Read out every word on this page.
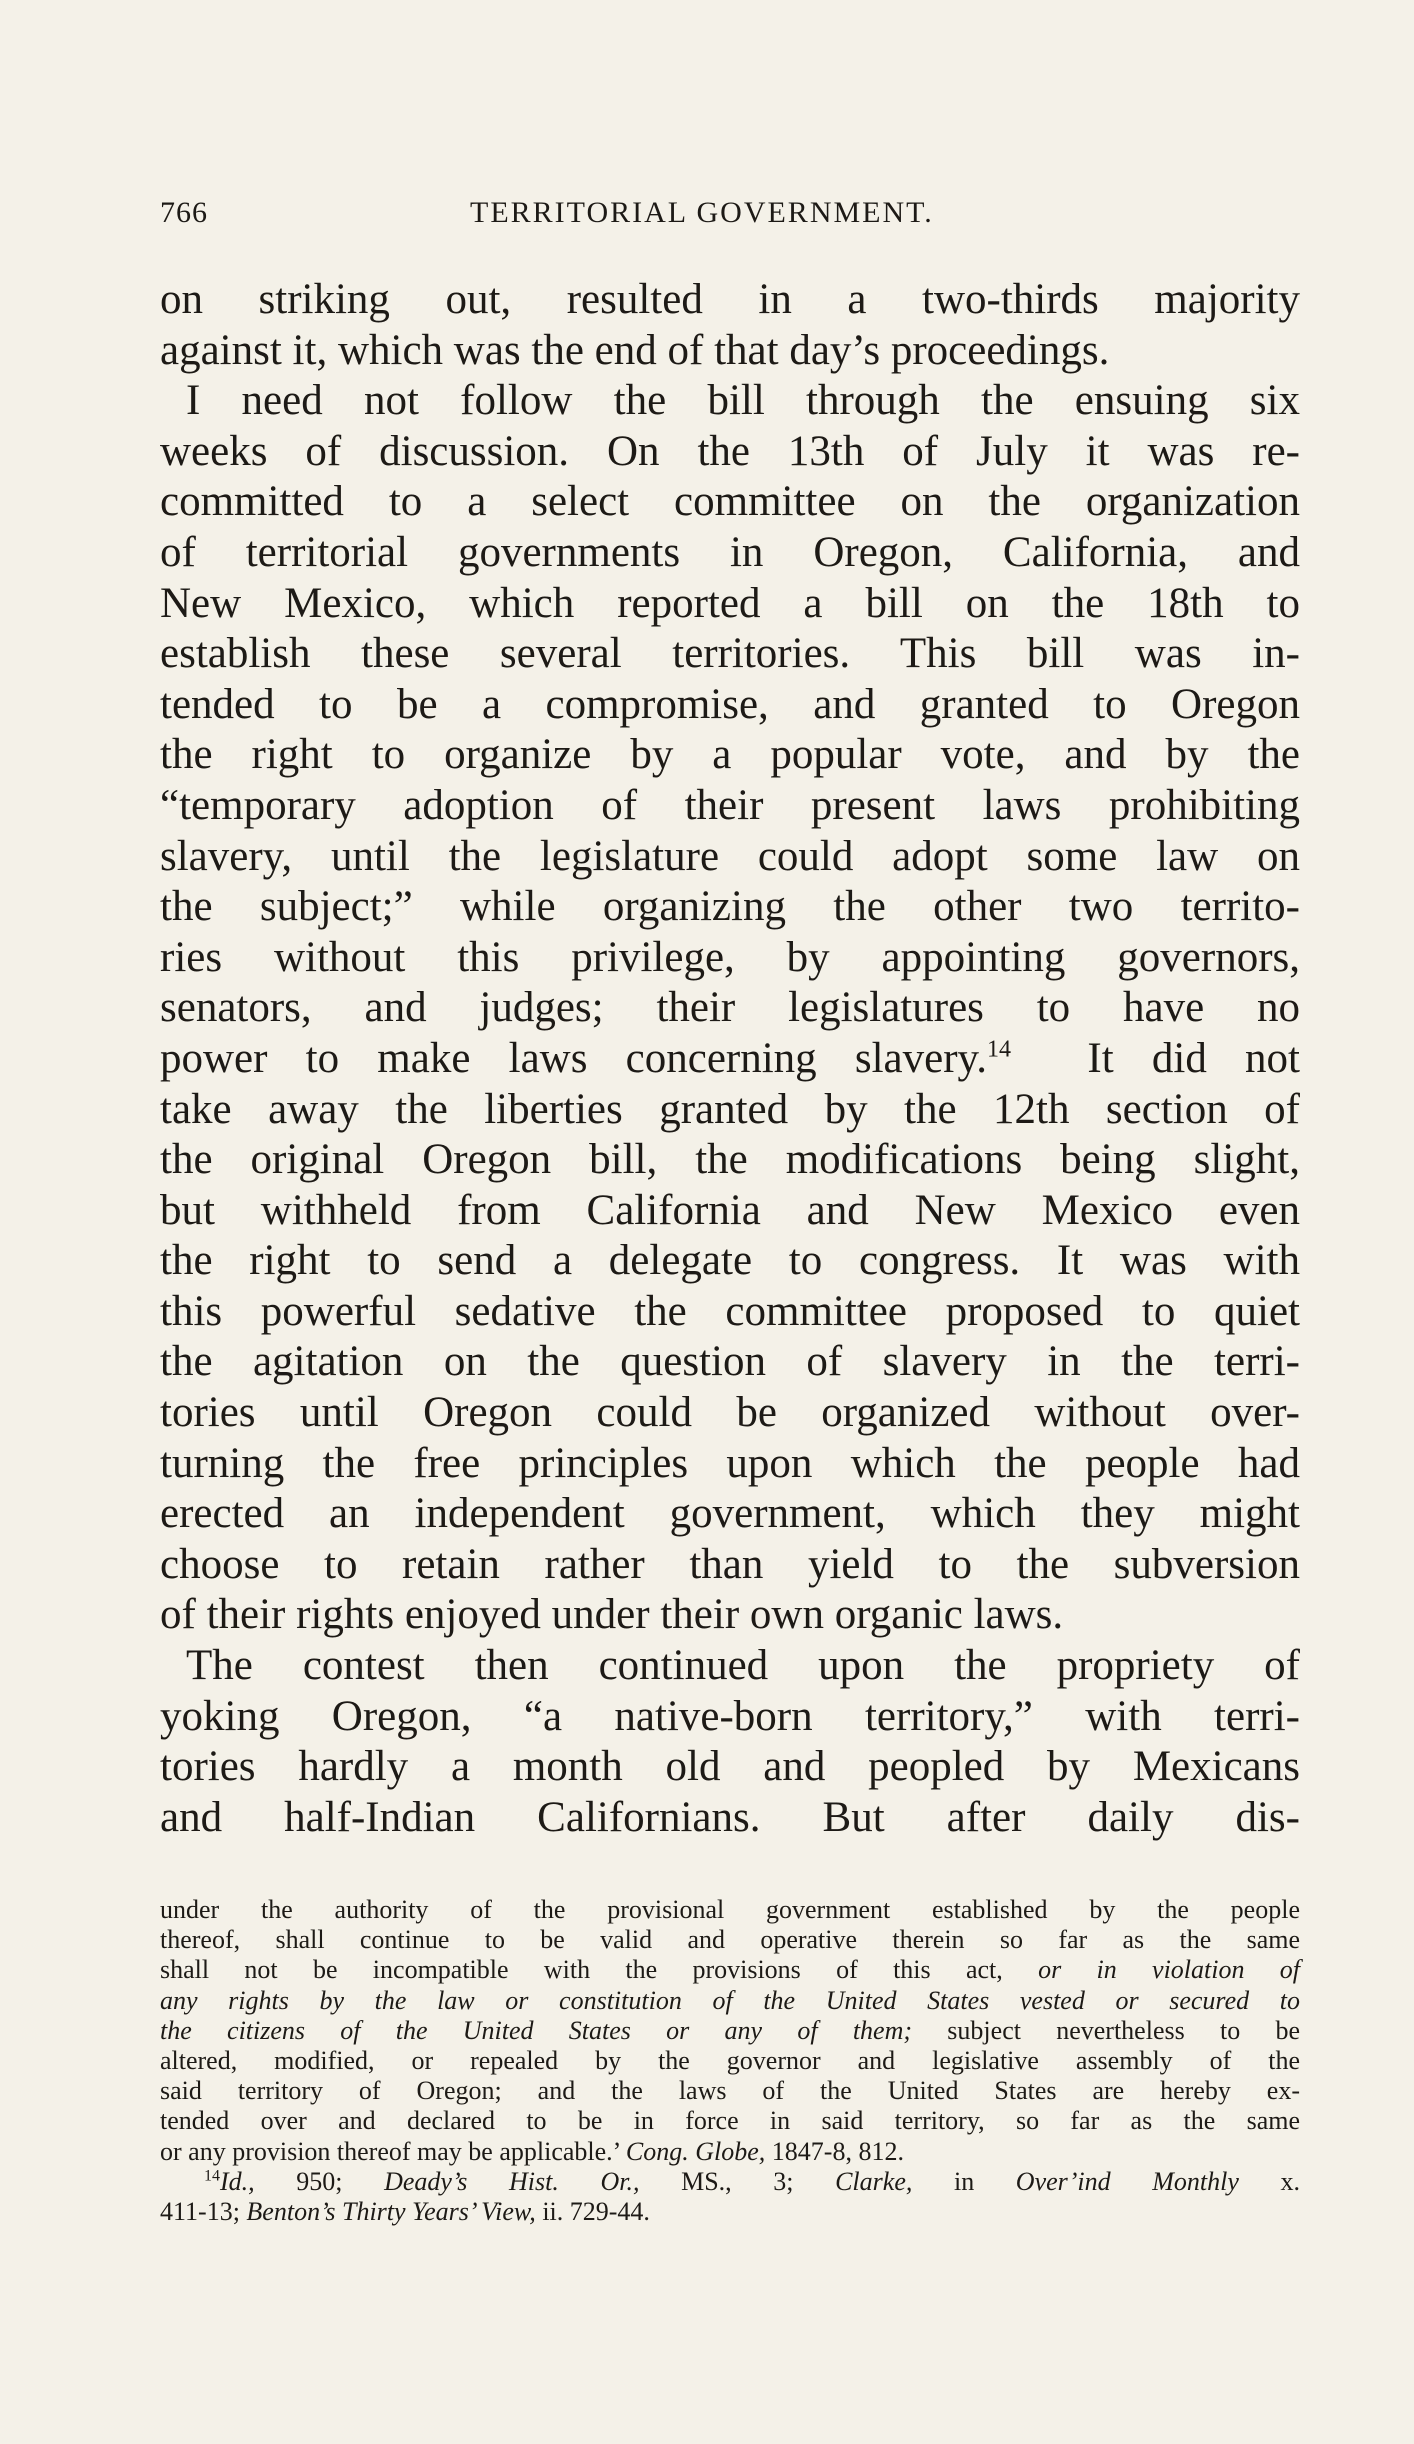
766	TERRITORIAL GOVERNMENT.
on striking out, resulted in a two-thirds majority
against it, which was the end of that day’s proceedings.
I need not follow the bill through the ensuing six
weeks of discussion. On the 13th of July it was re-
committed to a select committee on the organization
of territorial governments in Oregon, California, and
New Mexico, which reported a bill on the 18th to
establish these several territories. This bill was in-
tended to be a compromise, and granted to Oregon
the right to organize by a popular vote, and by the
“temporary adoption of their present laws prohibiting
slavery, until the legislature could adopt some law on
the subject;” while organizing the other two territo-
ries without this privilege, by appointing governors,
senators, and judges; their legislatures to have no
power to make laws concerning slavery.$^{14}$ It did not
take away the liberties granted by the 12th section of
the original Oregon bill, the modifications being slight,
but withheld from California and New Mexico even
the right to send a delegate to congress. It was with
this powerful sedative the committee proposed to quiet
the agitation on the question of slavery in the terri-
tories until Oregon could be organized without over-
turning the free principles upon which the people had
erected an independent government, which they might
choose to retain rather than yield to the subversion
of their rights enjoyed under their own organic laws.
The contest then continued upon the propriety of
yoking Oregon, “a native-born territory,” with terri-
tories hardly a month old and peopled by Mexicans
and half-Indian Californians. But after daily dis-
under the authority of the provisional government established by the people
thereof, shall continue to be valid and operative therein so far as the same
shall not be incompatible with the provisions of this act, or in violation of
any rights by the law or constitution of the United States vested or secured to
the citizens of the United States or any of them; subject nevertheless to be
altered, modified, or repealed by the governor and legislative assembly of the
said territory of Oregon; and the laws of the United States are hereby ex-
tended over and declared to be in force in said territory, so far as the same
or any provision thereof may be applicable.’ Cong. Globe, 1847-8, 812.
$^{14}$Id., 950; Deady’s Hist. Or., MS., 3; Clarke, in Over’ind Monthly x.
411-13; Benton’s Thirty Years’ View, ii. 729-44.
